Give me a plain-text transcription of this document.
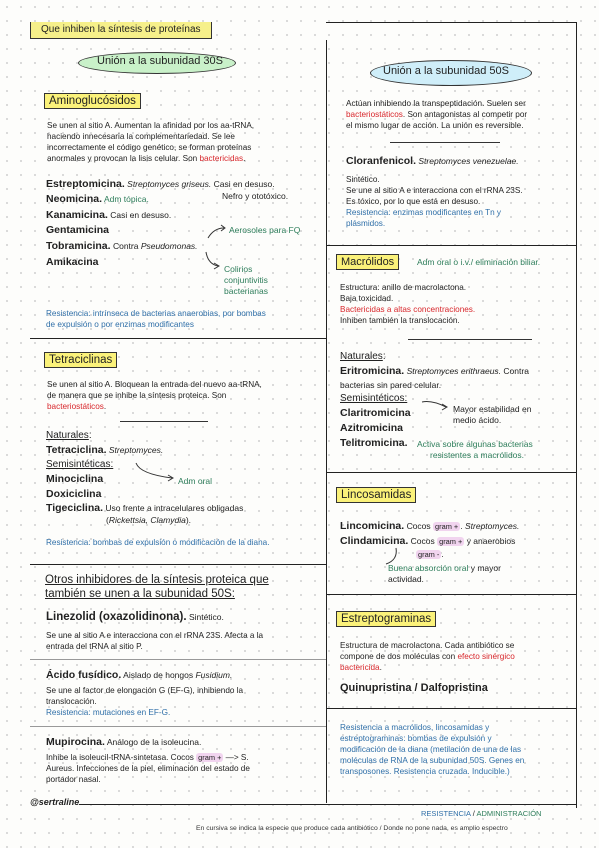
Que inhiben la síntesis de proteínas
Unión a la subunidad 30S
Unión a la subunidad 50S
Aminoglucósidos
Se unen al sitio A. Aumentan la afinidad por los aa-tRNA,
haciendo innecesaria la complementariedad. Se lee
incorrectamente el código genético, se forman proteínas
anormales y provocan la lisis celular. Son bactericidas.
Estreptomicina. Streptomyces griseus. Casi en desuso.
Nefro y ototóxico.
Neomicina. Adm tópica.
Kanamicina. Casi en desuso.
Gentamicina
Tobramicina. Contra Pseudomonas.
Amikacina
Aerosoles para FQ
Colirios
conjuntivitis
bacterianas
Resistencia: intrínseca de bacterias anaerobias, por bombas
de expulsión o por enzimas modificantes
Tetraciclinas
Se unen al sitio A. Bloquean la entrada del nuevo aa-tRNA,
de manera que se inhibe la síntesis proteica. Son
bacteriostáticos.
Naturales:
Tetraciclina. Streptomyces.
Semisintéticas:
Minociclina	Adm oral
Doxiciclina
Tigeciclina. Uso frente a intracelulares obligadas
(Rickettsia, Clamydia).
Resistencia: bombas de expulsión o modificación de la diana.
Otros inhibidores de la síntesis proteica que
también se unen a la subunidad 50S:
Linezolid (oxazolidinona). Sintético.
Se une al sitio A e interacciona con el rRNA 23S. Afecta a la
entrada del tRNA al sitio P.
Ácido fusídico. Aislado de hongos Fusidium.
Se une al factor de elongación G (EF-G), inhibiendo la
translocación.
Resistencia: mutaciones en EF-G.
Mupirocina. Análogo de la isoleucina.
Inhibe la isoleucil-tRNA-sintetasa. Cocos gram + —> S.
Aureus. Infecciones de la piel, eliminación del estado de
portador nasal.
Actúan inhibiendo la transpeptidación. Suelen ser
bacteriostáticos. Son antagonistas al competir por
el mismo lugar de acción. La unión es reversible.
Cloranfenicol. Streptomyces venezuelae.
Sintético.
Se une al sitio A e interacciona con el rRNA 23S.
Es tóxico, por lo que está en desuso.
Resistencia: enzimas modificantes en Tn y
plásmidos.
Macrólidos	Adm oral o i.v./ eliminación biliar.
Estructura: anillo de macrolactona.
Baja toxicidad.
Bactericidas a altas concentraciones.
Inhiben también la translocación.
Naturales:
Eritromicina. Streptomyces erithraeus. Contra
bacterias sin pared celular.
Semisintéticos:
Claritromicina	Mayor estabilidad en
medio ácido.
Azitromicina
Telitromicina. Activa sobre algunas bacterias
resistentes a macrólidos.
Lincosamidas
Lincomicina. Cocos gram + . Streptomyces.
Clindamicina. Cocos gram + y anaerobios
gram - .
Buena absorción oral y mayor
actividad.
Estreptograminas
Estructura de macrolactona. Cada antibiótico se
compone de dos moléculas con efecto sinérgico
bactericida.
Quinupristina / Dalfopristina
Resistencia a macrólidos, lincosamidas y
estreptograminas: bombas de expulsión y
modificación de la diana (metilación de una de las
moléculas de RNA de la subunidad 50S. Genes en
transposones. Resistencia cruzada. Inducible.)
@sertraline
RESISTENCIA / ADMINISTRACIÓN
En cursiva se indica la especie que produce cada antibiótico / Donde no pone nada, es amplio espectro
